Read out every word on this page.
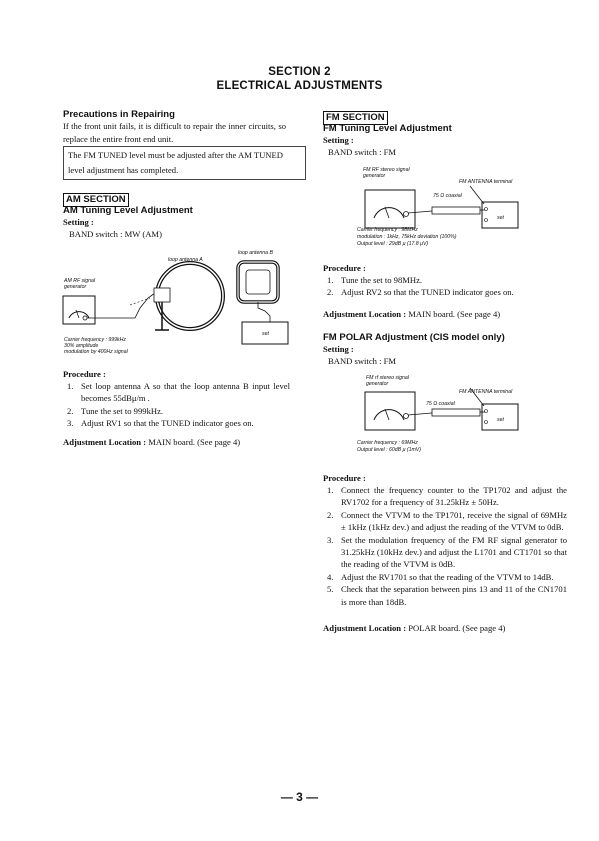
SECTION 2
ELECTRICAL ADJUSTMENTS
Precautions in Repairing
If the front unit fails, it is difficult to repair the inner circuits, so replace the entire front end unit.
The FM TUNED level must be adjusted after the AM TUNED level adjustment has completed.
AM SECTION
AM Tuning Level Adjustment
Setting :
BAND switch : MW (AM)
loop antenna A
loop antenna B
AM RF signal generator
set
Carrier frequency : 999kHz
30% amplitude
modulation by 400Hz signal
Procedure :
1. Set loop antenna A so that the loop antenna B input level becomes 55dBμ/m .
2. Tune the set to 999kHz.
3. Adjust RV1 so that the TUNED indicator goes on.
Adjustment Location : MAIN board. (See page 4)
FM SECTION
FM Tuning Level Adjustment
Setting :
BAND switch : FM
FM RF stereo signal generator
FM ANTENNA terminal
75 Ω coaxial
set
Carrier frequency : 98MHz
modulation : 1kHz, 75kHz deviation (100%)
Output level : 29dB μ (17.8 μV)
Procedure :
1. Tune the set to 98MHz.
2. Adjust RV2 so that the TUNED indicator goes on.
Adjustment Location : MAIN board. (See page 4)
FM POLAR Adjustment (CIS model only)
Setting :
BAND switch : FM
FM rf stereo signal generator
FM ANTENNA terminal
75 Ω coaxial
set
Carrier frequency : 69MHz
Output level : 60dB μ (1mV)
Procedure :
1. Connect the frequency counter to the TP1702 and adjust the RV1702 for a frequency of 31.25kHz ± 50Hz.
2. Connect the VTVM to the TP1701, receive the signal of 69MHz ± 1kHz (1kHz dev.) and adjust the reading of the VTVM to 0dB.
3. Set the modulation frequency of the FM RF signal generator to 31.25kHz (10kHz dev.) and adjust the L1701 and CT1701 so that the reading of the VTVM is 0dB.
4. Adjust the RV1701 so that the reading of the VTVM to 14dB.
5. Check that the separation between pins 13 and 11 of the CN1701 is more than 18dB.
Adjustment Location : POLAR board. (See page 4)
— 3 —
